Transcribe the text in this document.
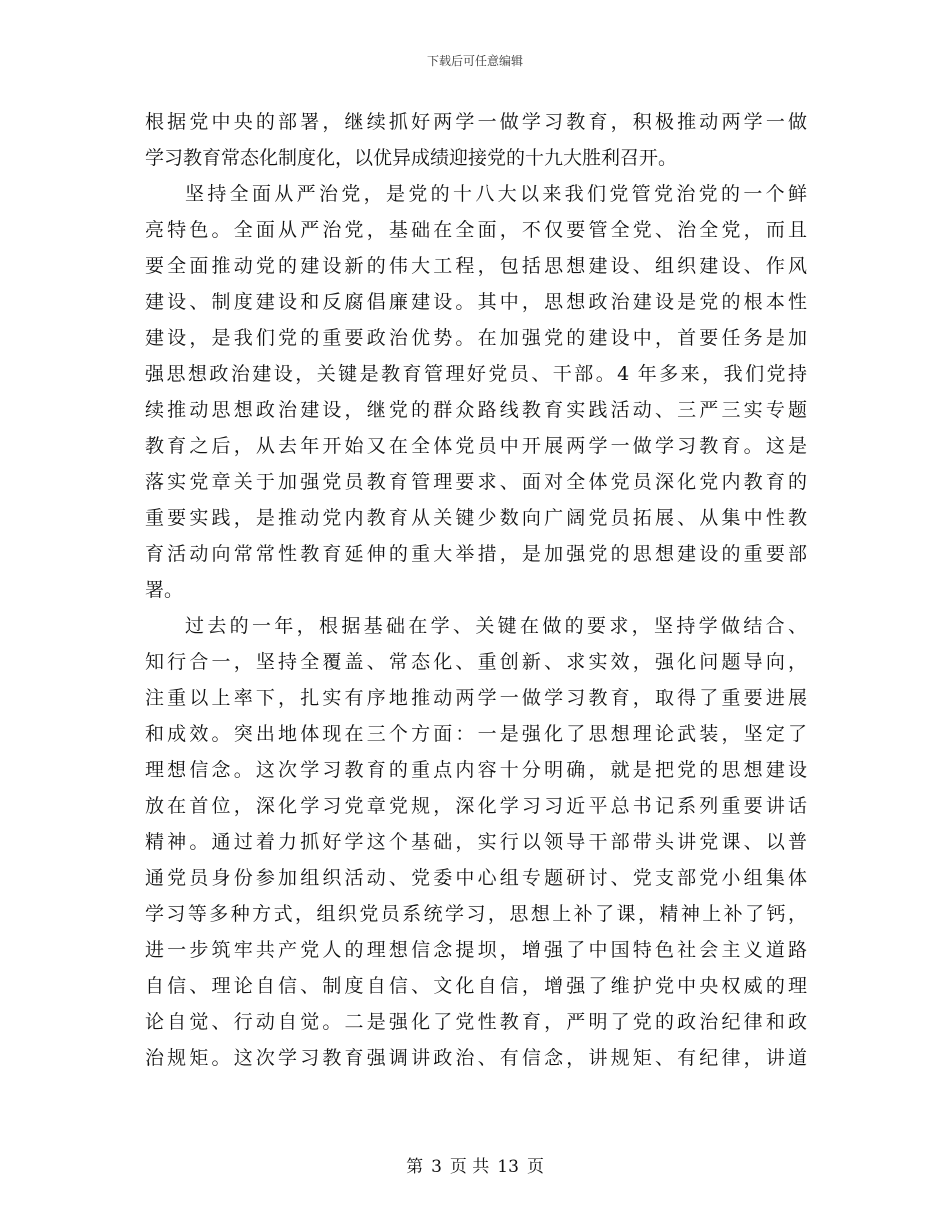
下载后可任意编辑
根据党中央的部署，继续抓好两学一做学习教育，积极推动两学一做
学习教育常态化制度化，以优异成绩迎接党的十九大胜利召开。
坚持全面从严治党，是党的十八大以来我们党管党治党的一个鲜
亮特色。全面从严治党，基础在全面，不仅要管全党、治全党，而且
要全面推动党的建设新的伟大工程，包括思想建设、组织建设、作风
建设、制度建设和反腐倡廉建设。其中，思想政治建设是党的根本性
建设，是我们党的重要政治优势。在加强党的建设中，首要任务是加
强思想政治建设，关键是教育管理好党员、干部。4 年多来，我们党持
续推动思想政治建设，继党的群众路线教育实践活动、三严三实专题
教育之后，从去年开始又在全体党员中开展两学一做学习教育。这是
落实党章关于加强党员教育管理要求、面对全体党员深化党内教育的
重要实践，是推动党内教育从关键少数向广阔党员拓展、从集中性教
育活动向常常性教育延伸的重大举措，是加强党的思想建设的重要部
署。
过去的一年，根据基础在学、关键在做的要求，坚持学做结合、
知行合一，坚持全覆盖、常态化、重创新、求实效，强化问题导向，
注重以上率下，扎实有序地推动两学一做学习教育，取得了重要进展
和成效。突出地体现在三个方面：一是强化了思想理论武装，坚定了
理想信念。这次学习教育的重点内容十分明确，就是把党的思想建设
放在首位，深化学习党章党规，深化学习习近平总书记系列重要讲话
精神。通过着力抓好学这个基础，实行以领导干部带头讲党课、以普
通党员身份参加组织活动、党委中心组专题研讨、党支部党小组集体
学习等多种方式，组织党员系统学习，思想上补了课，精神上补了钙，
进一步筑牢共产党人的理想信念提坝，增强了中国特色社会主义道路
自信、理论自信、制度自信、文化自信，增强了维护党中央权威的理
论自觉、行动自觉。二是强化了党性教育，严明了党的政治纪律和政
治规矩。这次学习教育强调讲政治、有信念，讲规矩、有纪律，讲道
第 3 页 共 13 页
